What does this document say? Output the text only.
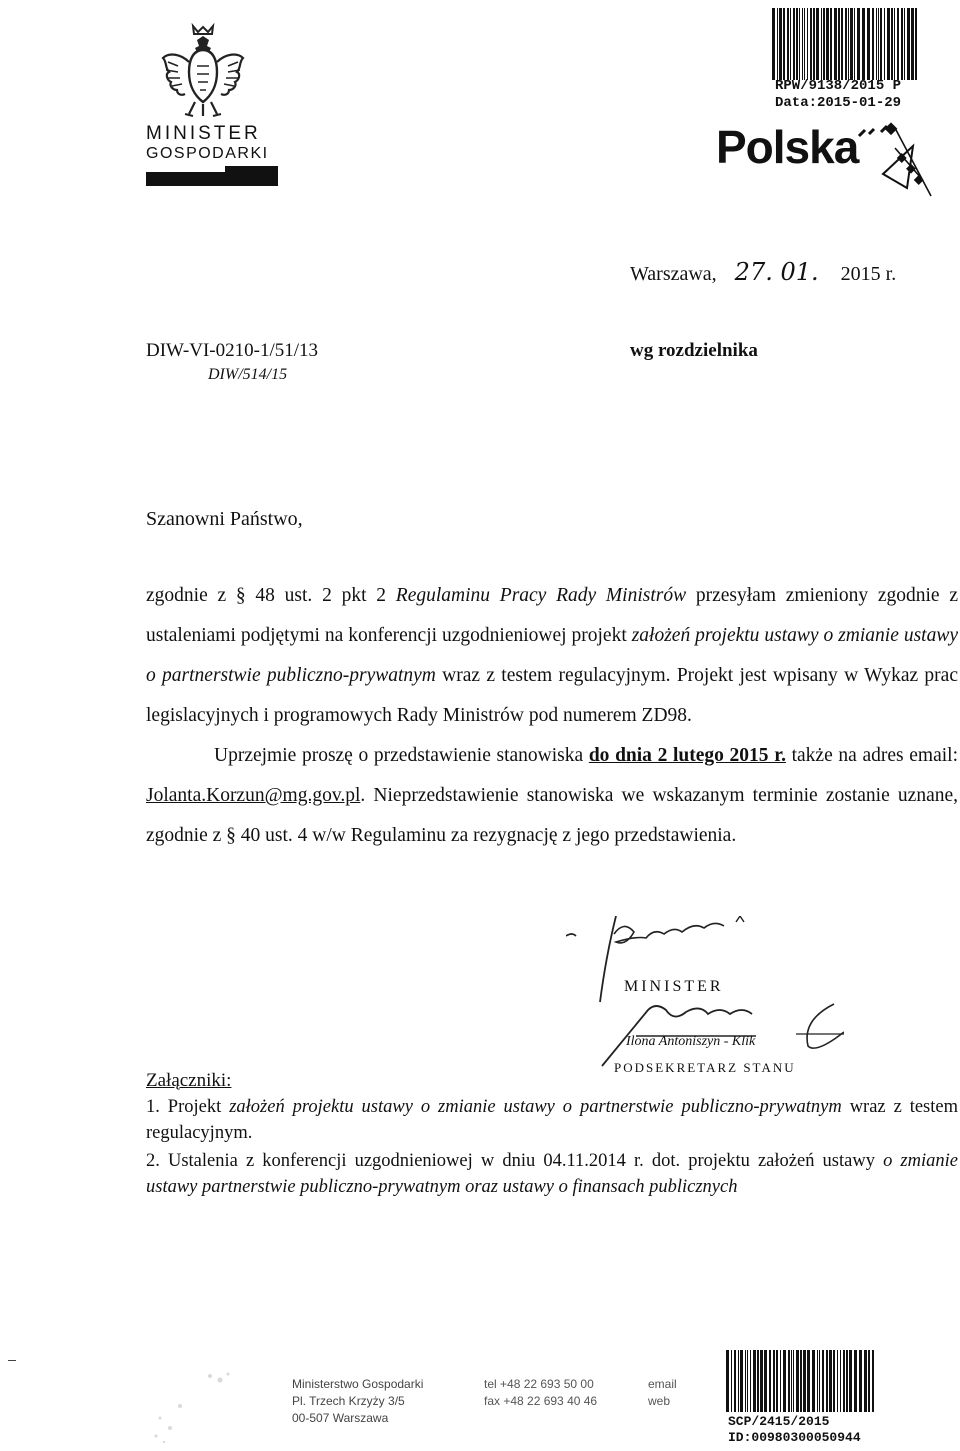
MINISTER
GOSPODARKI
RPW/9138/2015 P
Data:2015-01-29
Polska
Warszawa, 27. 01. 2015 r.
DIW-VI-0210-1/51/13
DIW/514/15
wg rozdzielnika
Szanowni Państwo,

zgodnie z § 48 ust. 2 pkt 2 Regulaminu Pracy Rady Ministrów przesyłam zmieniony zgodnie z ustaleniami podjętymi na konferencji uzgodnieniowej projekt założeń projektu ustawy o zmianie ustawy o partnerstwie publiczno-prywatnym wraz z testem regulacyjnym. Projekt jest wpisany w Wykaz prac legislacyjnych i programowych Rady Ministrów pod numerem ZD98.

Uprzejmie proszę o przedstawienie stanowiska do dnia 2 lutego 2015 r. także na adres email: Jolanta.Korzun@mg.gov.pl. Nieprzedstawienie stanowiska we wskazanym terminie zostanie uznane, zgodnie z § 40 ust. 4 w/w Regulaminu za rezygnację z jego przedstawienia.

MINISTER
Ilona Antoniszyn - Klik
PODSEKRETARZ STANU
Załączniki:
1. Projekt założeń projektu ustawy o zmianie ustawy o partnerstwie publiczno-prywatnym wraz z testem regulacyjnym.
2. Ustalenia z konferencji uzgodnieniowej w dniu 04.11.2014 r. dot. projektu założeń ustawy o zmianie ustawy partnerstwie publiczno-prywatnym oraz ustawy o finansach publicznych
Ministerstwo Gospodarki
Pl. Trzech Krzyży 3/5
00-507 Warszawa
tel +48 22 693 50 00
fax +48 22 693 40 46
email
web
SCP/2415/2015
ID:00980300050944
